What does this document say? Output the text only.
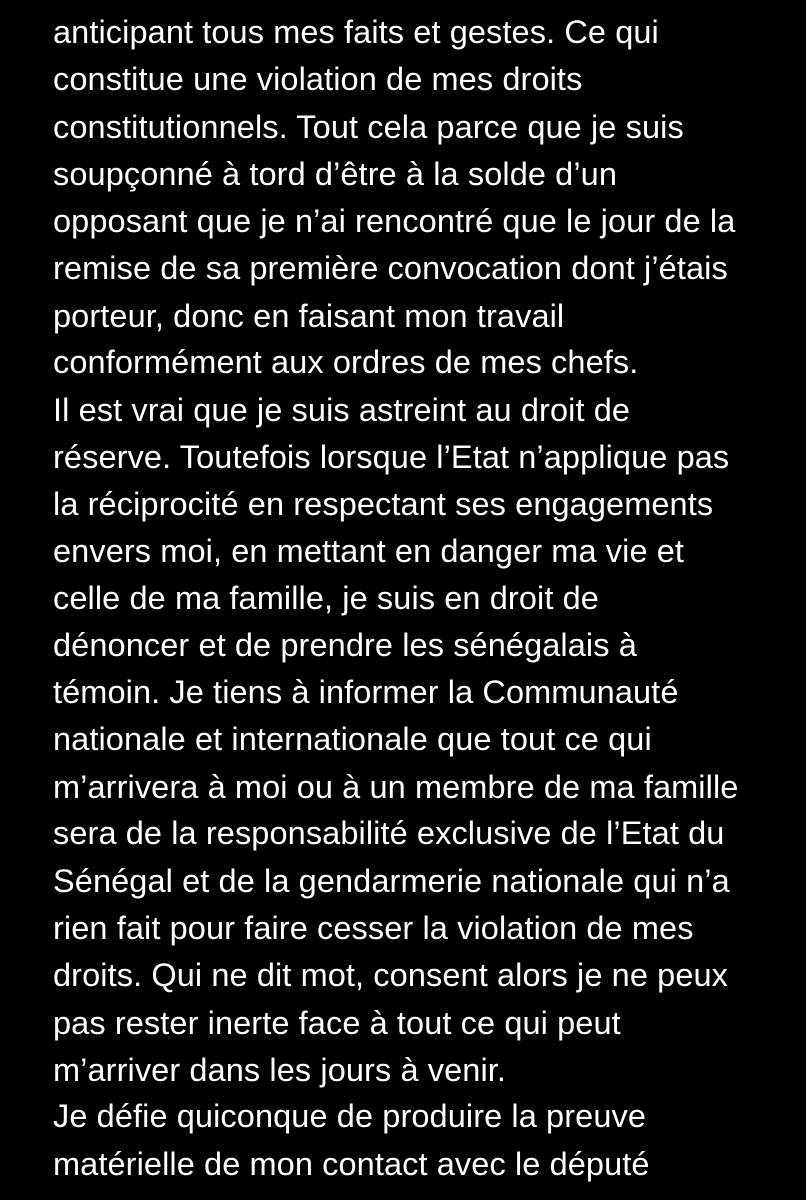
anticipant tous mes faits et gestes. Ce qui
constitue une violation de mes droits
constitutionnels. Tout cela parce que je suis
soupçonné à tord d’être à la solde d’un
opposant que je n’ai rencontré que le jour de la
remise de sa première convocation dont j’étais
porteur, donc en faisant mon travail
conformément aux ordres de mes chefs.
Il est vrai que je suis astreint au droit de
réserve. Toutefois lorsque l’Etat n’applique pas
la réciprocité en respectant ses engagements
envers moi, en mettant en danger ma vie et
celle de ma famille, je suis en droit de
dénoncer et de prendre les sénégalais à
témoin. Je tiens à informer la Communauté
nationale et internationale que tout ce qui
m’arrivera à moi ou à un membre de ma famille
sera de la responsabilité exclusive de l’Etat du
Sénégal et de la gendarmerie nationale qui n’a
rien fait pour faire cesser la violation de mes
droits. Qui ne dit mot, consent alors je ne peux
pas rester inerte face à tout ce qui peut
m’arriver dans les jours à venir.
Je défie quiconque de produire la preuve
matérielle de mon contact avec le député
